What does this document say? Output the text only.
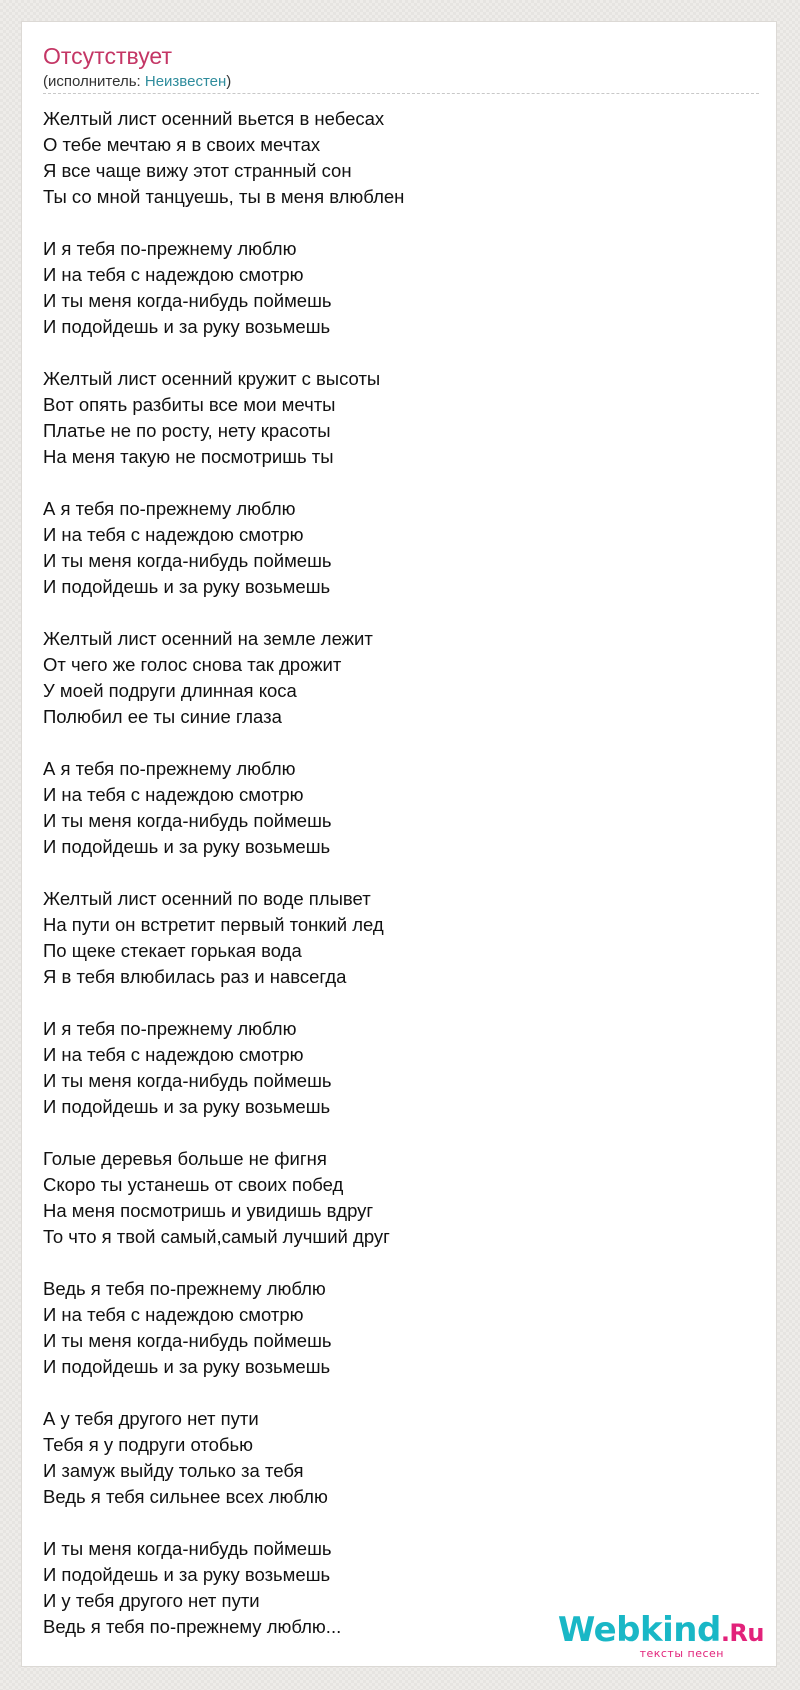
Отсутствует
(исполнитель: Неизвестен)
Желтый лист осенний вьется в небесах
О тебе мечтаю я в своих мечтах
Я все чаще вижу этот странный сон
Ты со мной танцуешь, ты в меня влюблен
И я тебя по-прежнему люблю
И на тебя с надеждою смотрю
И ты меня когда-нибудь поймешь
И подойдешь и за руку возьмешь
Желтый лист осенний кружит с высоты
Вот опять разбиты все мои мечты
Платье не по росту, нету красоты
На меня такую не посмотришь ты
А я тебя по-прежнему люблю
И на тебя с надеждою смотрю
И ты меня когда-нибудь поймешь
И подойдешь и за руку возьмешь
Желтый лист осенний на земле лежит
От чего же голос снова так дрожит
У моей подруги длинная коса
Полюбил ее ты синие глаза
А я тебя по-прежнему люблю
И на тебя с надеждою смотрю
И ты меня когда-нибудь поймешь
И подойдешь и за руку возьмешь
Желтый лист осенний по воде плывет
На пути он встретит первый тонкий лед
По щеке стекает горькая вода
Я в тебя влюбилась раз и навсегда
И я тебя по-прежнему люблю
И на тебя с надеждою смотрю
И ты меня когда-нибудь поймешь
И подойдешь и за руку возьмешь
Голые деревья больше не фигня
Скоро ты устанешь от своих побед
На меня посмотришь и увидишь вдруг
То что я твой самый,самый лучший друг
Ведь я тебя по-прежнему люблю
И на тебя с надеждою смотрю
И ты меня когда-нибудь поймешь
И подойдешь и за руку возьмешь
А у тебя другого нет пути
Тебя я у подруги отобью
И замуж выйду только за тебя
Ведь я тебя сильнее всех люблю
И ты меня когда-нибудь поймешь
И подойдешь и за руку возьмешь
И у тебя другого нет пути
Ведь я тебя по-прежнему люблю...	Webkind.Ru
тексты песен
